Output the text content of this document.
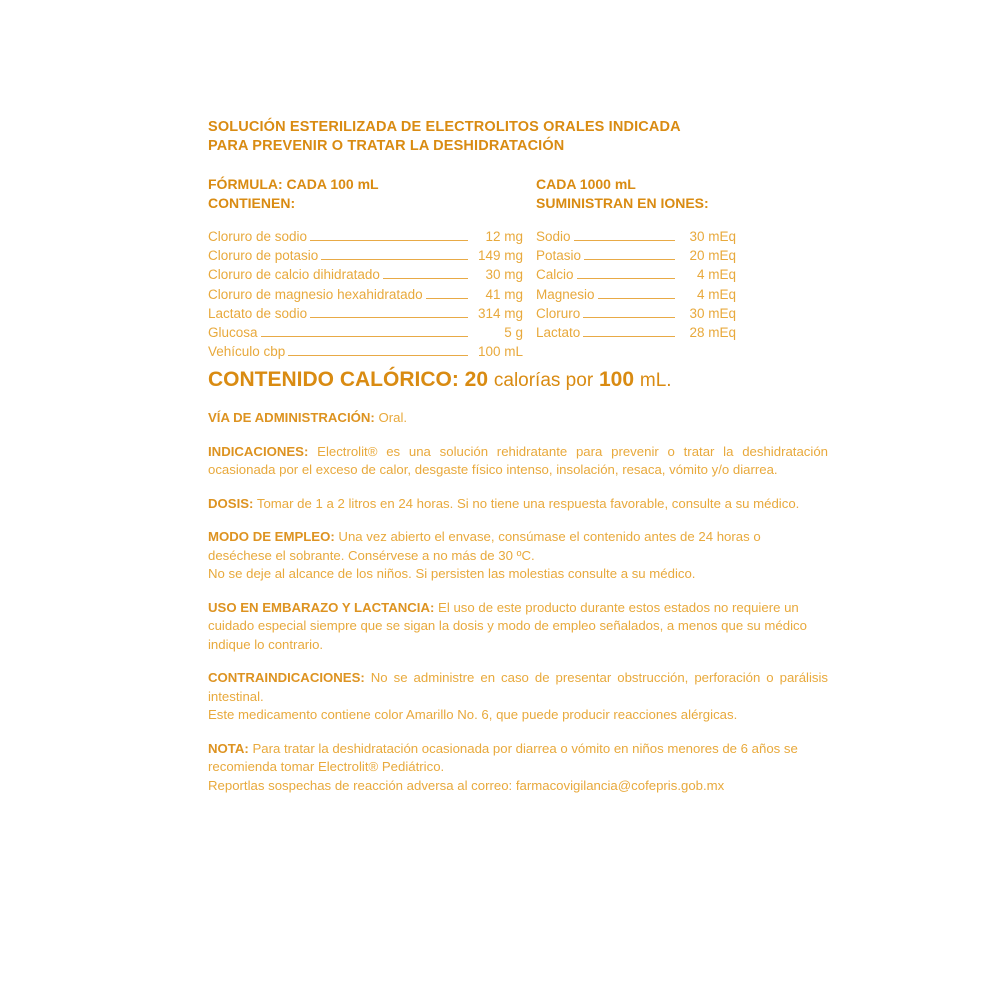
SOLUCIÓN ESTERILIZADA DE ELECTROLITOS ORALES INDICADA
PARA PREVENIR O TRATAR LA DESHIDRATACIÓN
FÓRMULA: CADA 100 mL
CONTIENEN:
CADA 1000 mL
SUMINISTRAN EN IONES:
Cloruro de sodio	12 mg
Cloruro de potasio	149 mg
Cloruro de calcio dihidratado	30 mg
Cloruro de magnesio hexahidratado	41 mg
Lactato de sodio	314 mg
Glucosa	5 g
Vehículo cbp	100 mL
Sodio	30 mEq
Potasio	20 mEq
Calcio	4 mEq
Magnesio	4 mEq
Cloruro	30 mEq
Lactato	28 mEq
CONTENIDO CALÓRICO: 20 calorías por 100 mL.

VÍA DE ADMINISTRACIÓN: Oral.

INDICACIONES: Electrolit® es una solución rehidratante para prevenir o tratar la deshidratación ocasionada por el exceso de calor, desgaste físico intenso, insolación, resaca, vómito y/o diarrea.

DOSIS: Tomar de 1 a 2 litros en 24 horas. Si no tiene una respuesta favorable, consulte a su médico.

MODO DE EMPLEO: Una vez abierto el envase, consúmase el contenido antes de 24 horas o deséchese el sobrante. Consérvese a no más de 30 ºC.

No se deje al alcance de los niños. Si persisten las molestias consulte a su médico.

USO EN EMBARAZO Y LACTANCIA: El uso de este producto durante estos estados no requiere un cuidado especial siempre que se sigan la dosis y modo de empleo señalados, a menos que su médico indique lo contrario.

CONTRAINDICACIONES: No se administre en caso de presentar obstrucción, perforación o parálisis intestinal.

Este medicamento contiene color Amarillo No. 6, que puede producir reacciones alérgicas.

NOTA: Para tratar la deshidratación ocasionada por diarrea o vómito en niños menores de 6 años se recomienda tomar Electrolit® Pediátrico.

Reportlas sospechas de reacción adversa al correo: farmacovigilancia@cofepris.gob.mx
